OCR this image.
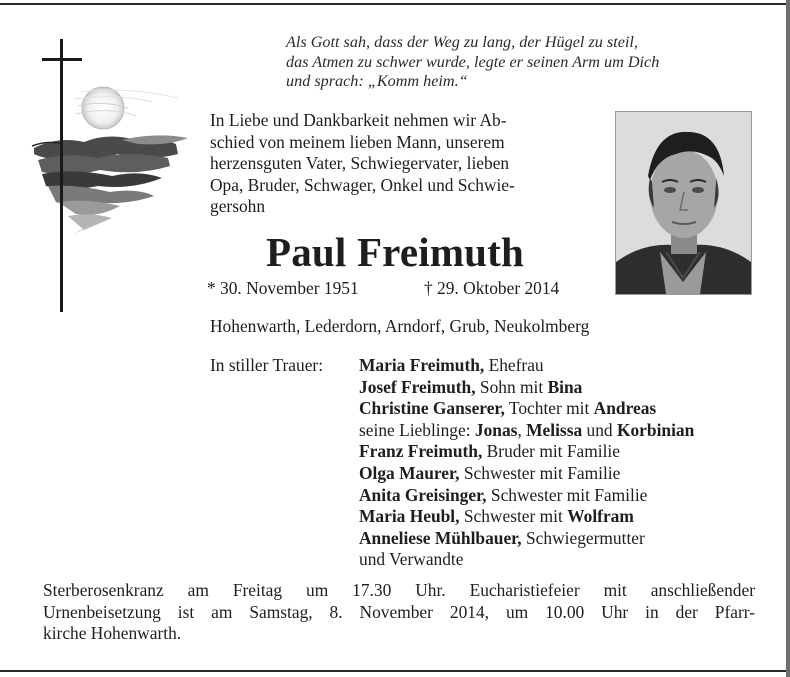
Als Gott sah, dass der Weg zu lang, der Hügel zu steil,
das Atmen zu schwer wurde, legte er seinen Arm um Dich
und sprach: „Komm heim.“
In Liebe und Dankbarkeit nehmen wir Ab-
schied von meinem lieben Mann, unserem
herzensguten Vater, Schwiegervater, lieben
Opa, Bruder, Schwager, Onkel und Schwie-
gersohn
Paul Freimuth
* 30. November 1951	† 29. Oktober 2014
Hohenwarth, Lederdorn, Arndorf, Grub, Neukolmberg
In stiller Trauer: Maria Freimuth, Ehefrau
Josef Freimuth, Sohn mit Bina
Christine Ganserer, Tochter mit Andreas
seine Lieblinge: Jonas, Melissa und Korbinian
Franz Freimuth, Bruder mit Familie
Olga Maurer, Schwester mit Familie
Anita Greisinger, Schwester mit Familie
Maria Heubl, Schwester mit Wolfram
Anneliese Mühlbauer, Schwiegermutter
und Verwandte
Sterberosenkranz am Freitag um 17.30 Uhr. Eucharistiefeier mit anschließender
Urnenbeisetzung ist am Samstag, 8. November 2014, um 10.00 Uhr in der Pfarr-
kirche Hohenwarth.
